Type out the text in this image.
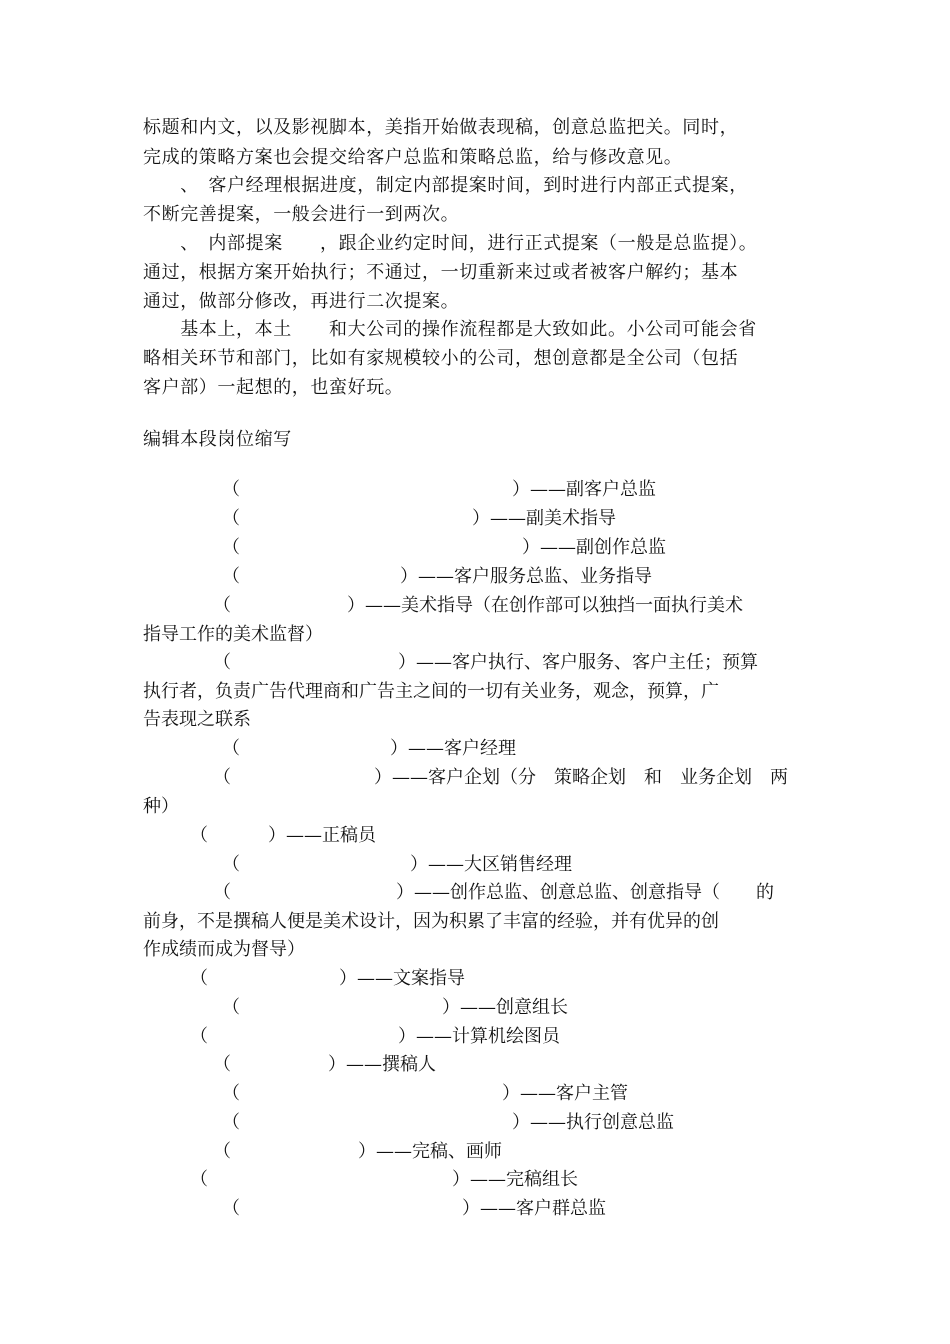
标题和内文，以及影视脚本，美指开始做表现稿，创意总监把关。同时，
完成的策略方案也会提交给客户总监和策略总监，给与修改意见。
　　、　客户经理根据进度，制定内部提案时间，到时进行内部正式提案，
不断完善提案，一般会进行一到两次。
　　、　内部提案　　，跟企业约定时间，进行正式提案（一般是总监提）。
通过，根据方案开始执行；不通过，一切重新来过或者被客户解约；基本
通过，做部分修改，再进行二次提案。
　　基本上，本土　　和大公司的操作流程都是大致如此。小公司可能会省
略相关环节和部门，比如有家规模较小的公司，想创意都是全公司（包括
客户部）一起想的，也蛮好玩。
编辑本段岗位缩写
（	）——副客户总监
（	）——副美术指导
（	）——副创作总监
（	）——客户服务总监、业务指导
（	）——美术指导（在创作部可以独挡一面执行美术
指导工作的美术监督）
（	）——客户执行、客户服务、客户主任；预算
执行者，负责广告代理商和广告主之间的一切有关业务，观念，预算，广
告表现之联系
（	）——客户经理
（	）——客户企划（分　策略企划　和　业务企划　两
种）
（	）——正稿员
（	）——大区销售经理
（	）——创作总监、创意总监、创意指导（　　的
前身，不是撰稿人便是美术设计，因为积累了丰富的经验，并有优异的创
作成绩而成为督导）
（	）——文案指导
（	）——创意组长
（	）——计算机绘图员
（	）——撰稿人
（	）——客户主管
（	）——执行创意总监
（	）——完稿、画师
（	）——完稿组长
（	）——客户群总监
